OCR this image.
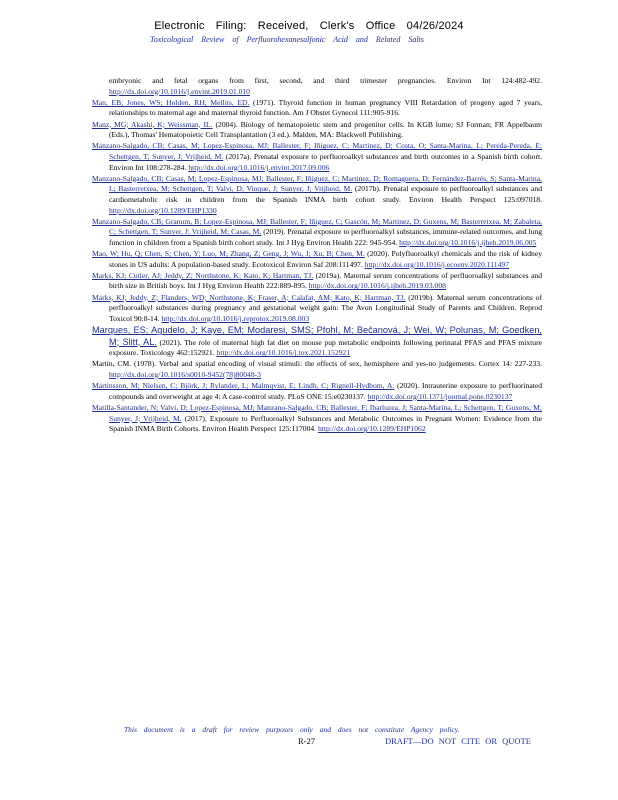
Electronic Filing: Received, Clerk's Office 04/26/2024
Toxicological Review of Perfluorohexanesulfonic Acid and Related Salts

embryonic and fetal organs from first, second, and third trimester pregnancies. Environ Int 124:482-492. http://dx.doi.org/10.1016/j.envint.2019.01.010

Man, EB; Jones, WS; Holden, RH; Mellits, ED. (1971). Thyroid function in human pregnancy VIII Retardation of progeny aged 7 years, relationships to maternal age and maternal thyroid function. Am J Obstet Gynecol 111:905-916.

Manz, MG; Akashi, K; Weissman, IL. (2004). Biology of hematopoietic stem and progenitor cells. In KGB lume; SJ Forman; FR Appelbaum (Eds.), Thomas' Hematopoietic Cell Transplantation (3 ed.). Malden, MA: Blackwell Publishing.

Manzano-Salgado, CB; Casas, M; Lopez-Espinosa, MJ; Ballester, F; Iñiguez, C; Martinez, D; Costa, O; Santa-Marina, L; Pereda-Pereda, E; Schettgen, T; Sunyer, J; Vrijheid, M. (2017a). Prenatal exposure to perfluoroalkyl substances and birth outcomes in a Spanish birth cohort. Environ Int 108:278-284. http://dx.doi.org/10.1016/j.envint.2017.09.006

Manzano-Salgado, CB; Casas, M; Lopez-Espinosa, MJ; Ballester, F; Iñiguez, C; Martinez, D; Romaguera, D; Fernández-Barrés, S; Santa-Marina, L; Basterretxea, M; Schettgen, T; Valvi, D; Vioque, J; Sunyer, J; Vrijheid, M. (2017b). Prenatal exposure to perfluoroalkyl substances and cardiometabolic risk in children from the Spanish INMA birth cohort study. Environ Health Perspect 125:097018. http://dx.doi.org/10.1289/EHP1330

Manzano-Salgado, CB; Granum, B; Lopez-Espinosa, MJ; Ballester, F; Iñiguez, C; Gascón, M; Martinez, D; Guxens, M; Basterretxea, M; Zabaleta, C; Schettgen, T; Sunyer, J; Vrijheid, M; Casas, M. (2019). Prenatal exposure to perfluoroalkyl substances, immune-related outcomes, and lung function in children from a Spanish birth cohort study. Int J Hyg Environ Health 222: 945-954. http://dx.doi.org/10.1016/j.ijheh.2019.06.005

Mao, W; Hu, Q; Chen, S; Chen, Y; Luo, M; Zhang, Z; Geng, J; Wu, J; Xu, B; Chen, M. (2020). Polyfluoroalkyl chemicals and the risk of kidney stones in US adults: A population-based study. Ecotoxicol Environ Saf 208:111497. http://dx.doi.org/10.1016/j.ecoenv.2020.111497

Marks, KJ; Cutler, AJ; Jeddy, Z; Northstone, K; Kato, K; Hartman, TJ. (2019a). Maternal serum concentrations of perfluoroalkyl substances and birth size in British boys. Int J Hyg Environ Health 222:889-895. http://dx.doi.org/10.1016/j.ijheh.2019.03.008

Marks, KJ; Jeddy, Z; Flanders, WD; Northstone, K; Fraser, A; Calafat, AM; Kato, K; Hartman, TJ. (2019b). Maternal serum concentrations of perfluoroalkyl substances during pregnancy and gestational weight gain: The Avon Longitudinal Study of Parents and Children. Reprod Toxicol 90:8-14. http://dx.doi.org/10.1016/j.reprotox.2019.08.003

Marques, ES; Agudelo, J; Kaye, EM; Modaresi, SMS; Pfohl, M; Bečanová, J; Wei, W; Polunas, M; Goedken, M; Slitt, AL. (2021). The role of maternal high fat diet on mouse pup metabolic endpoints following perinatal PFAS and PFAS mixture exposure. Toxicology 462:152921. http://dx.doi.org/10.1016/j.tox.2021.152921

Martin, CM. (1978). Verbal and spatial encoding of visual stimuli: the effects of sex, hemisphere and yes-no judgements. Cortex 14: 227-233. http://dx.doi.org/10.1016/s0010-9452(78)80048-3

Martinsson, M; Nielsen, C; Björk, J; Rylander, L; Malmqvist, E; Lindh, C; Rignell-Hydbom, A. (2020). Intrauterine exposure to perfluorinated compounds and overweight at age 4: A case-control study. PLoS ONE 15:e0230137. http://dx.doi.org/10.1371/journal.pone.0230137

Matilla-Santander, N; Valvi, D; Lopez-Espinosa, MJ; Manzano-Salgado, CB; Ballester, F; Ibarluzea, J; Santa-Marina, L; Schettgen, T; Guxens, M; Sunyer, J; Vrijheid, M. (2017). Exposure to Perfluoroalkyl Substances and Metabolic Outcomes in Pregnant Women: Evidence from the Spanish INMA Birth Cohorts. Environ Health Perspect 125:117004. http://dx.doi.org/10.1289/EHP1062

This document is a draft for review purposes only and does not constitute Agency policy.
R-27	DRAFT—DO NOT CITE OR QUOTE
